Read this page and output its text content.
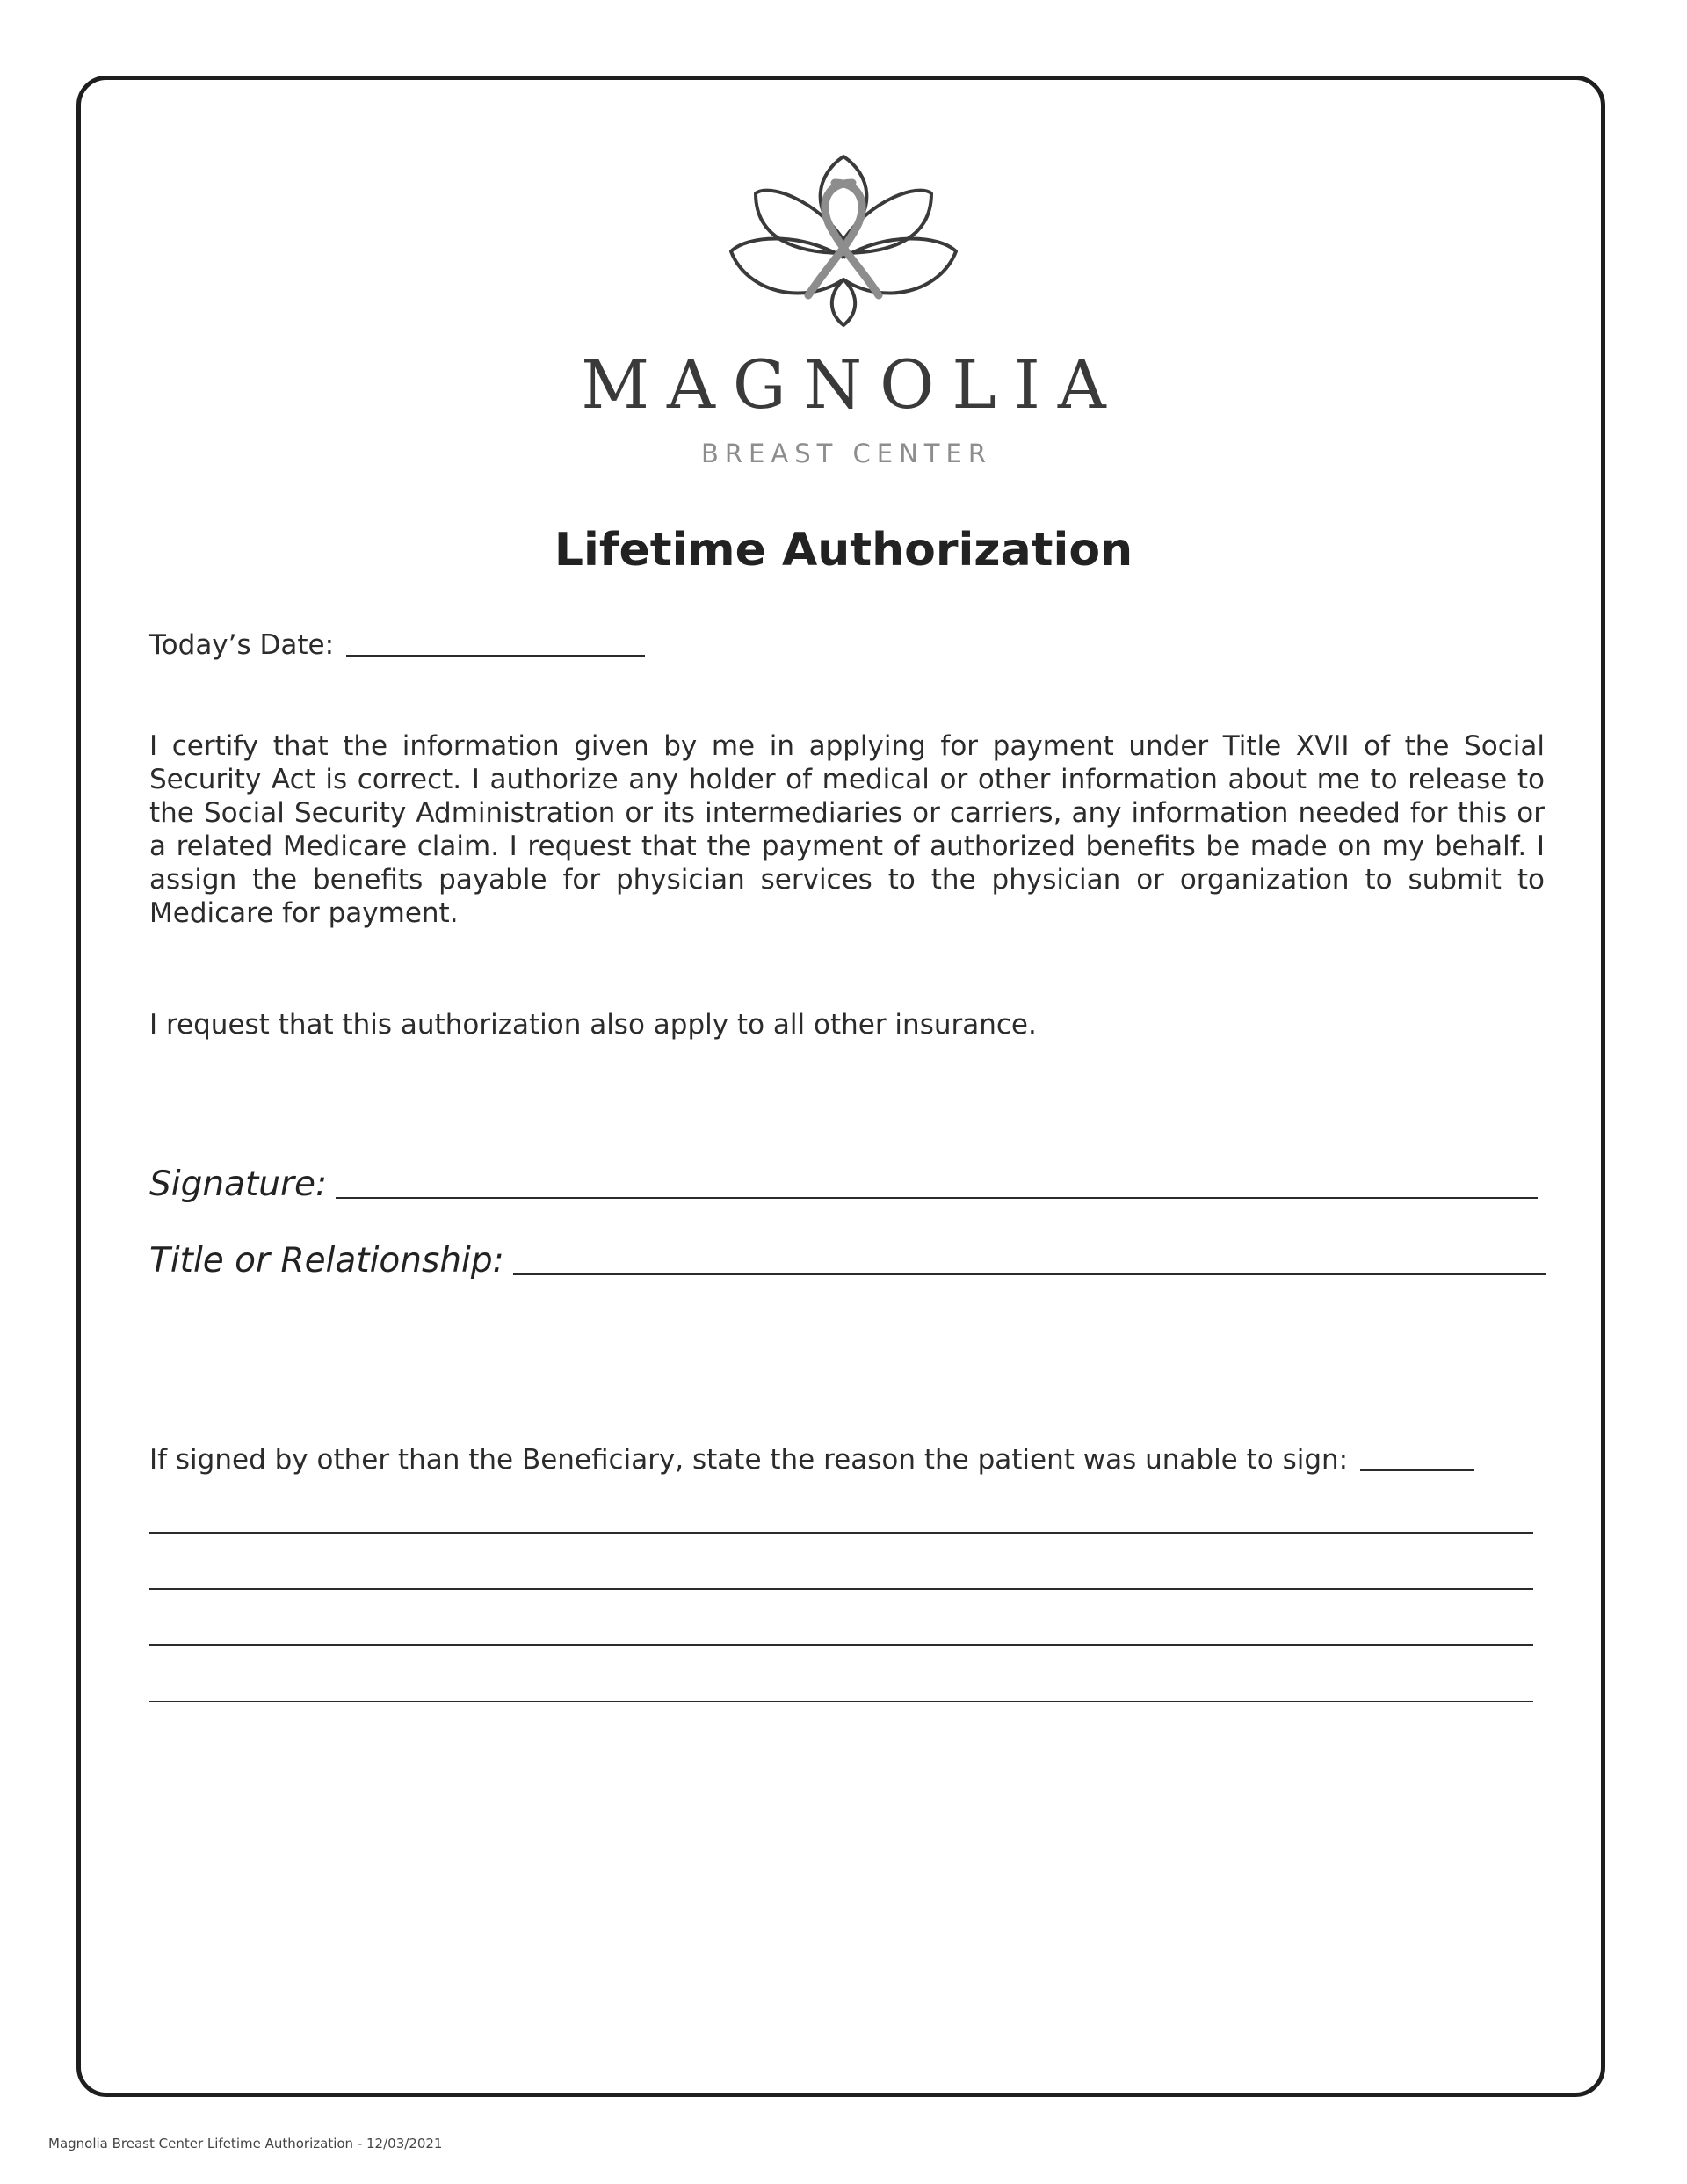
MAGNOLIA
BREAST CENTER
Lifetime Authorization
Today’s Date:
I certify that the information given by me in applying for payment under Title XVII of the Social Security Act is correct. I authorize any holder of medical or other information about me to release to the Social Security Administration or its intermediaries or carriers, any information needed for this or a related Medicare claim. I request that the payment of authorized benefits be made on my behalf. I assign the benefits payable for physician services to the physician or organization to submit to Medicare for payment.
I request that this authorization also apply to all other insurance.
Signature:
Title or Relationship:
If signed by other than the Beneficiary, state the reason the patient was unable to sign:
Magnolia Breast Center Lifetime Authorization - 12/03/2021
